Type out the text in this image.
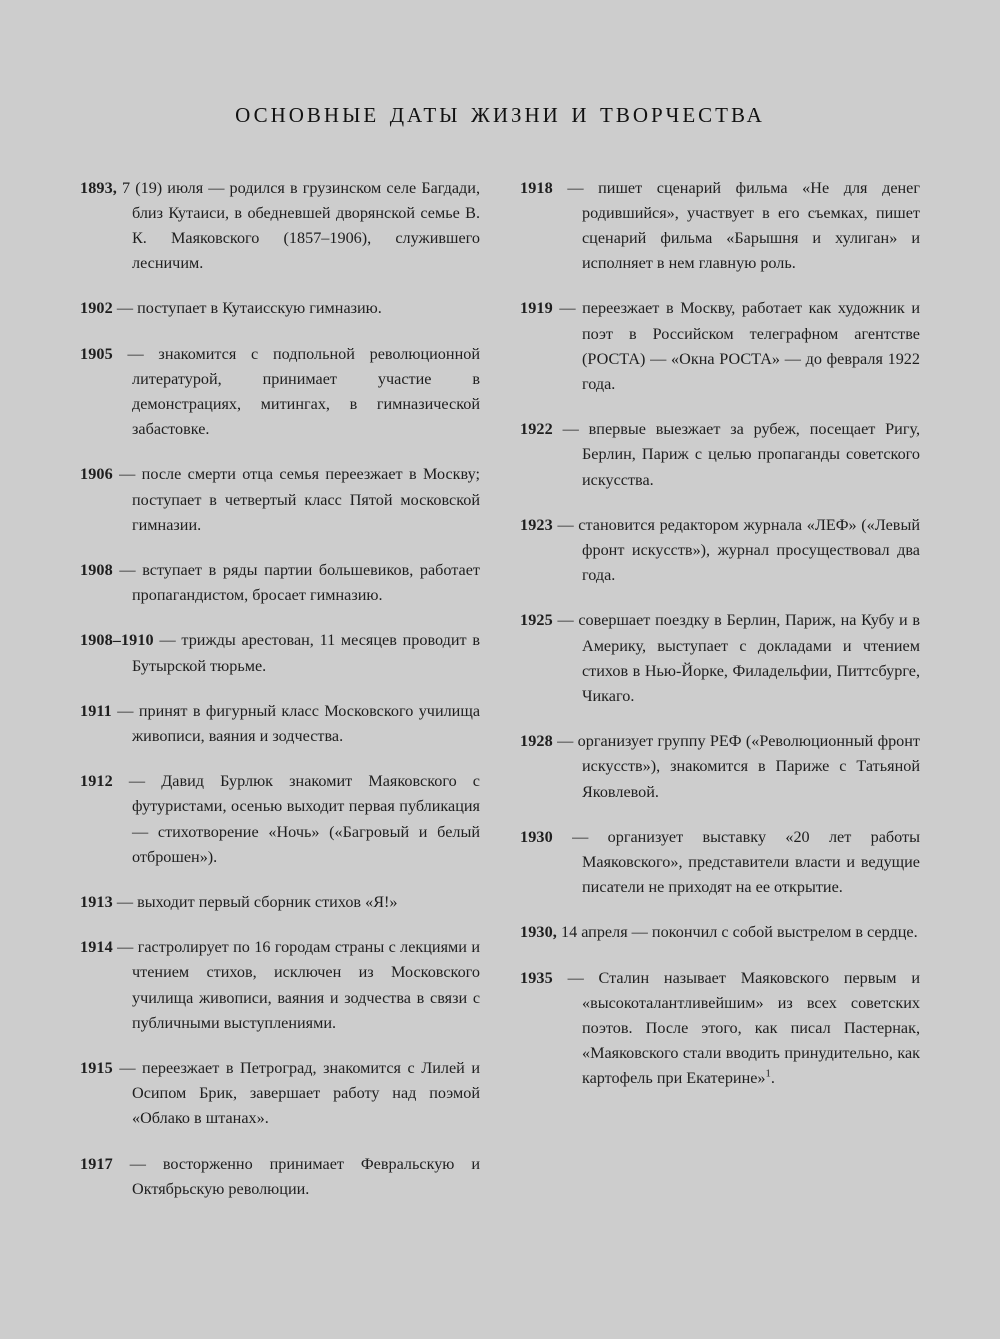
основные даты жизни и творчества

1893, 7 (19) июля — родился в грузинском селе Багдади, близ Кутаиси, в обедневшей дворянской семье В. К. Маяковского (1857–1906), служившего лесничим.

1902 — поступает в Кутаисскую гимназию.

1905 — знакомится с подпольной революционной литературой, принимает участие в демонстрациях, митингах, в гимназической забастовке.

1906 — после смерти отца семья переезжает в Москву; поступает в четвертый класс Пятой московской гимназии.

1908 — вступает в ряды партии большевиков, работает пропагандистом, бросает гимназию.

1908–1910 — трижды арестован, 11 месяцев проводит в Бутырской тюрьме.

1911 — принят в фигурный класс Московского училища живописи, ваяния и зодчества.

1912 — Давид Бурлюк знакомит Маяковского с футуристами, осенью выходит первая публикация — стихотворение «Ночь» («Багровый и белый отброшен»).

1913 — выходит первый сборник стихов «Я!»

1914 — гастролирует по 16 городам страны с лекциями и чтением стихов, исключен из Московского училища живописи, ваяния и зодчества в связи с публичными выступлениями.

1915 — переезжает в Петроград, знакомится с Лилей и Осипом Брик, завершает работу над поэмой «Облако в штанах».

1917 — восторженно принимает Февральскую и Октябрьскую революции.

1918 — пишет сценарий фильма «Не для денег родившийся», участвует в его съемках, пишет сценарий фильма «Барышня и хулиган» и исполняет в нем главную роль.

1919 — переезжает в Москву, работает как художник и поэт в Российском телеграфном агентстве (РОСТА) — «Окна РОСТА» — до февраля 1922 года.

1922 — впервые выезжает за рубеж, посещает Ригу, Берлин, Париж с целью пропаганды советского искусства.

1923 — становится редактором журнала «ЛЕФ» («Левый фронт искусств»), журнал просуществовал два года.

1925 — совершает поездку в Берлин, Париж, на Кубу и в Америку, выступает с докладами и чтением стихов в Нью-Йорке, Филадельфии, Питтсбурге, Чикаго.

1928 — организует группу РЕФ («Революционный фронт искусств»), знакомится в Париже с Татьяной Яковлевой.

1930 — организует выставку «20 лет работы Маяковского», представители власти и ведущие писатели не приходят на ее открытие.

1930, 14 апреля — покончил с собой выстрелом в сердце.

1935 — Сталин называет Маяковского первым и «высокоталантливейшим» из всех советских поэтов. После этого, как писал Пастернак, «Маяковского стали вводить принудительно, как картофель при Екатерине»$^1$.
